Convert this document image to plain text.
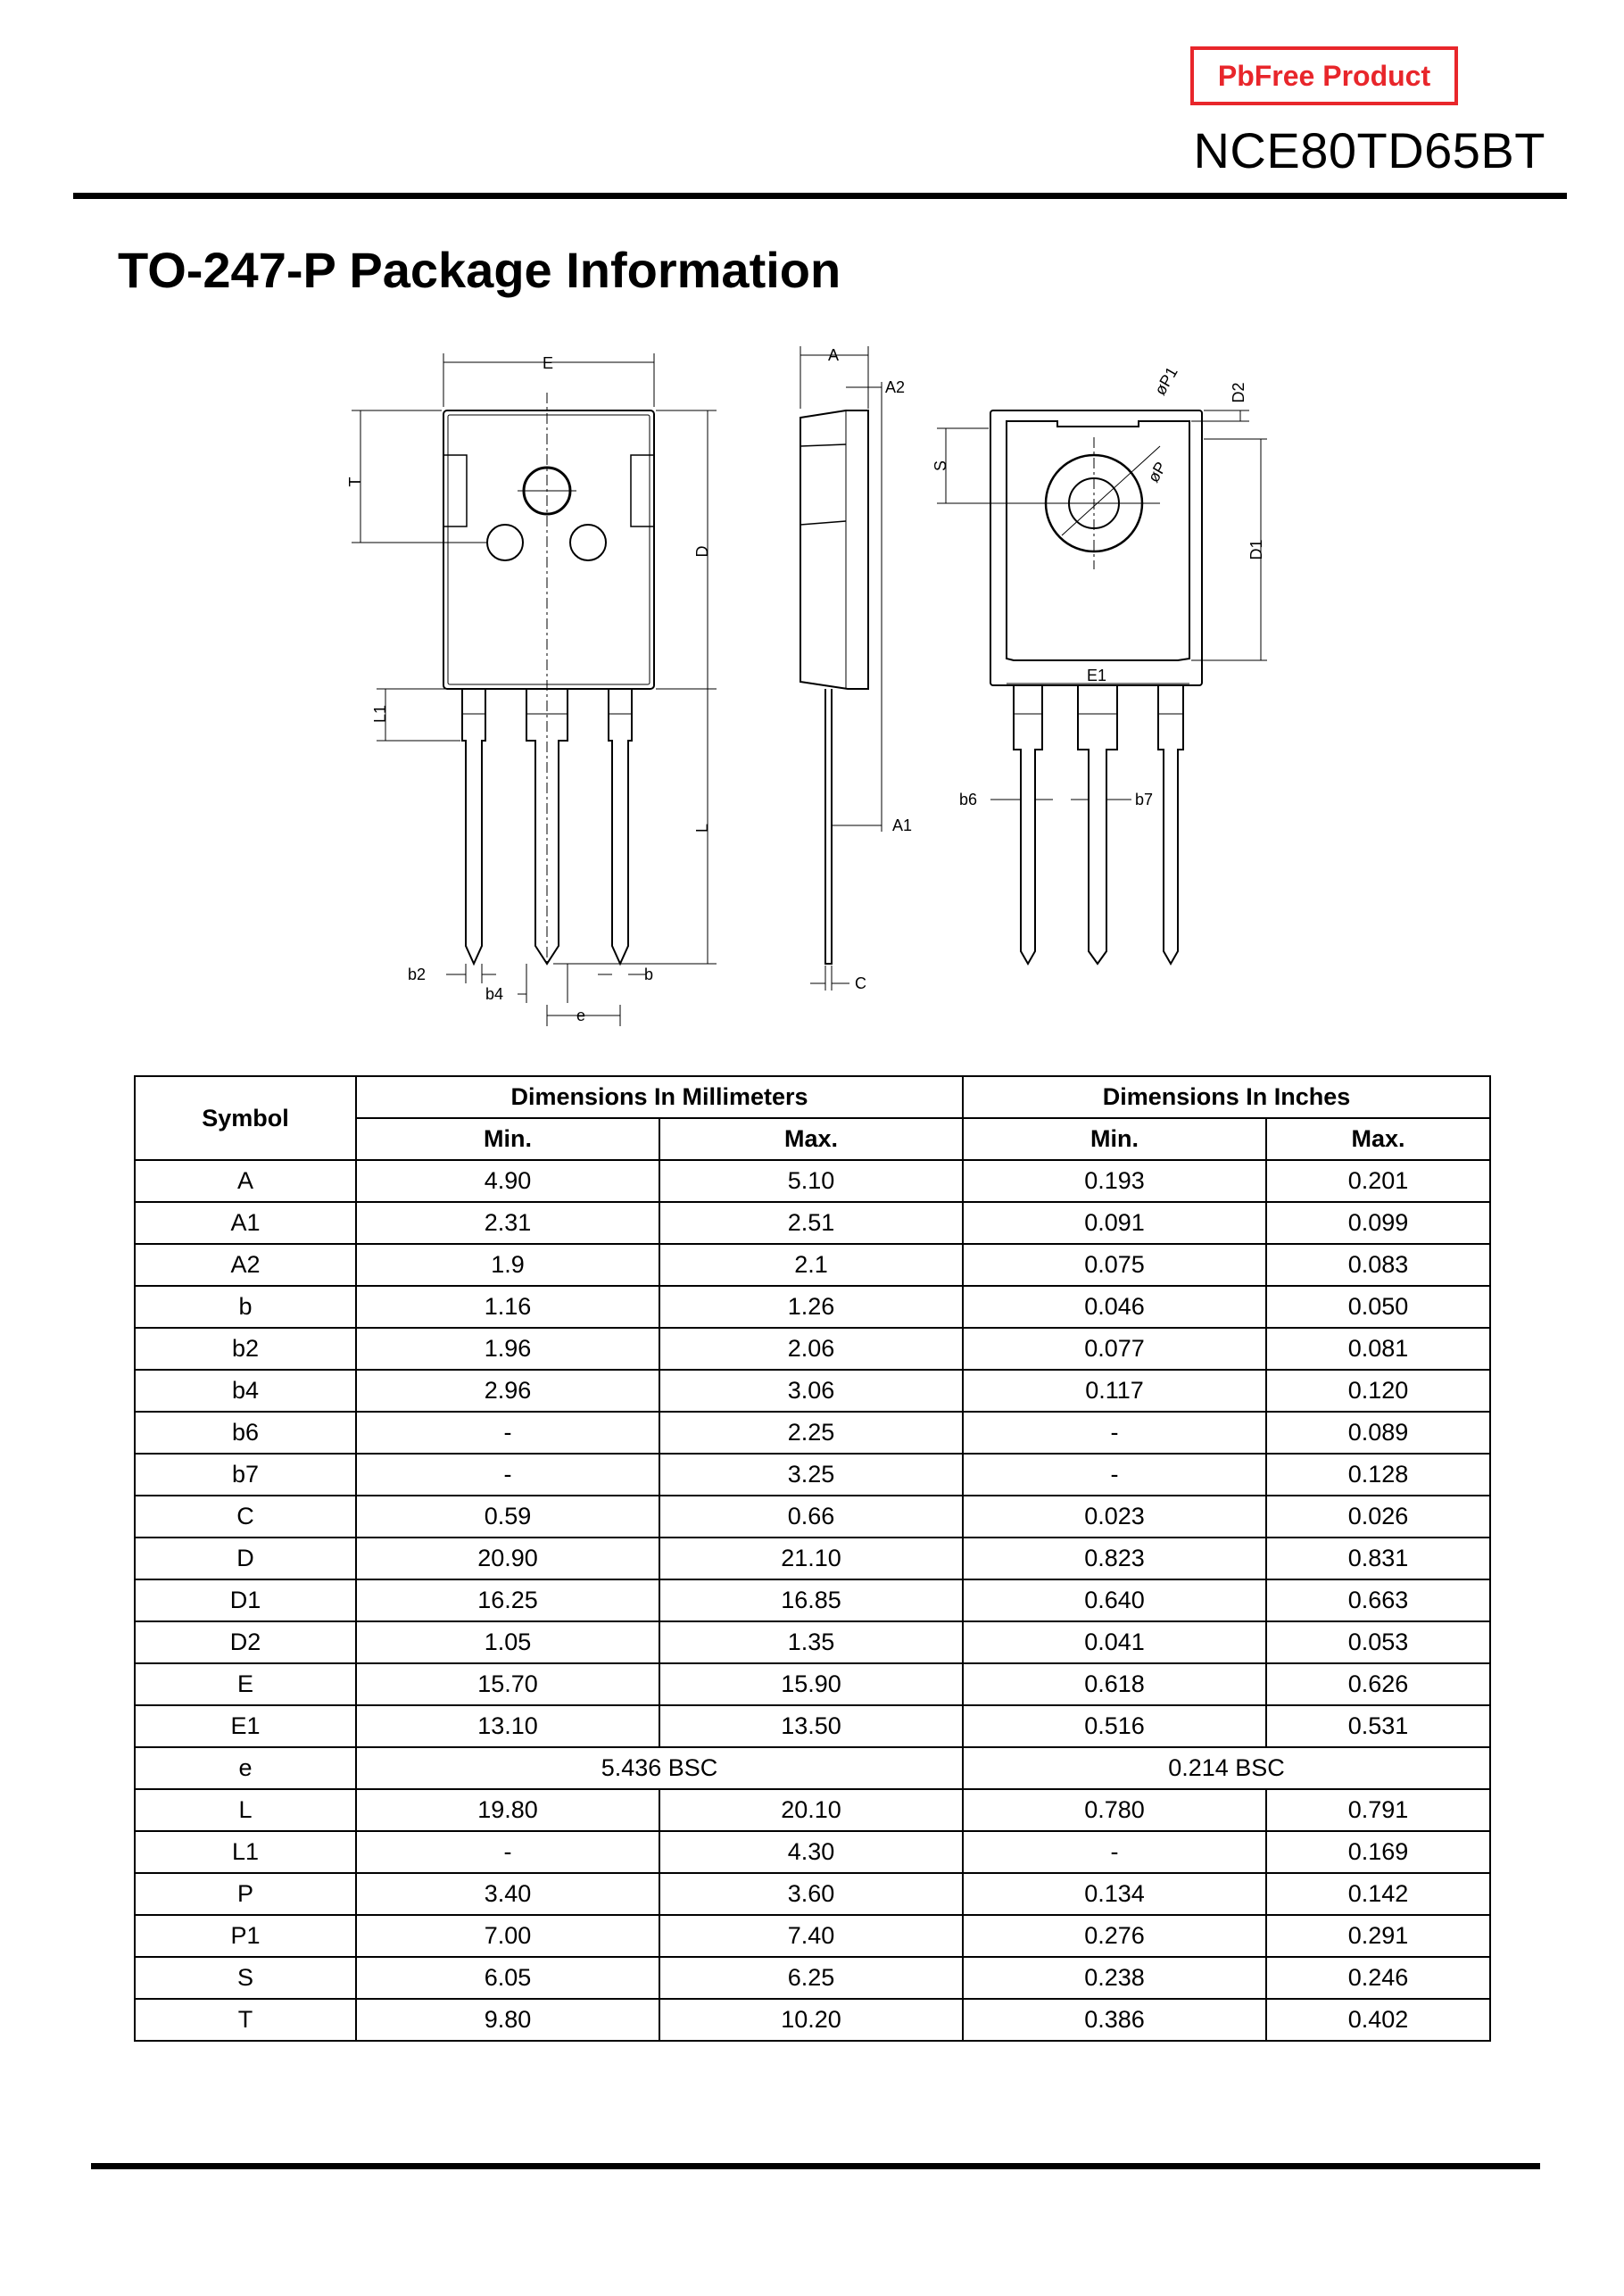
PbFree Product
NCE80TD65BT
TO-247-P Package Information
E
T
D
L1
L
b2
b4
b
e
A
A2
A1
C
S
øP1
øP
D2
D1
E1
b6	b7
Symbol	Dimensions In Millimeters		Dimensions In Inches	
	Min.	Max.	Min.	Max.
A	4.90	5.10	0.193	0.201
A1	2.31	2.51	0.091	0.099
A2	1.9	2.1	0.075	0.083
b	1.16	1.26	0.046	0.050
b2	1.96	2.06	0.077	0.081
b4	2.96	3.06	0.117	0.120
b6	-	2.25	-	0.089
b7	-	3.25	-	0.128
C	0.59	0.66	0.023	0.026
D	20.90	21.10	0.823	0.831
D1	16.25	16.85	0.640	0.663
D2	1.05	1.35	0.041	0.053
E	15.70	15.90	0.618	0.626
E1	13.10	13.50	0.516	0.531
e	5.436 BSC		0.214 BSC	
L	19.80	20.10	0.780	0.791
L1	-	4.30	-	0.169
P	3.40	3.60	0.134	0.142
P1	7.00	7.40	0.276	0.291
S	6.05	6.25	0.238	0.246
T	9.80	10.20	0.386	0.402
